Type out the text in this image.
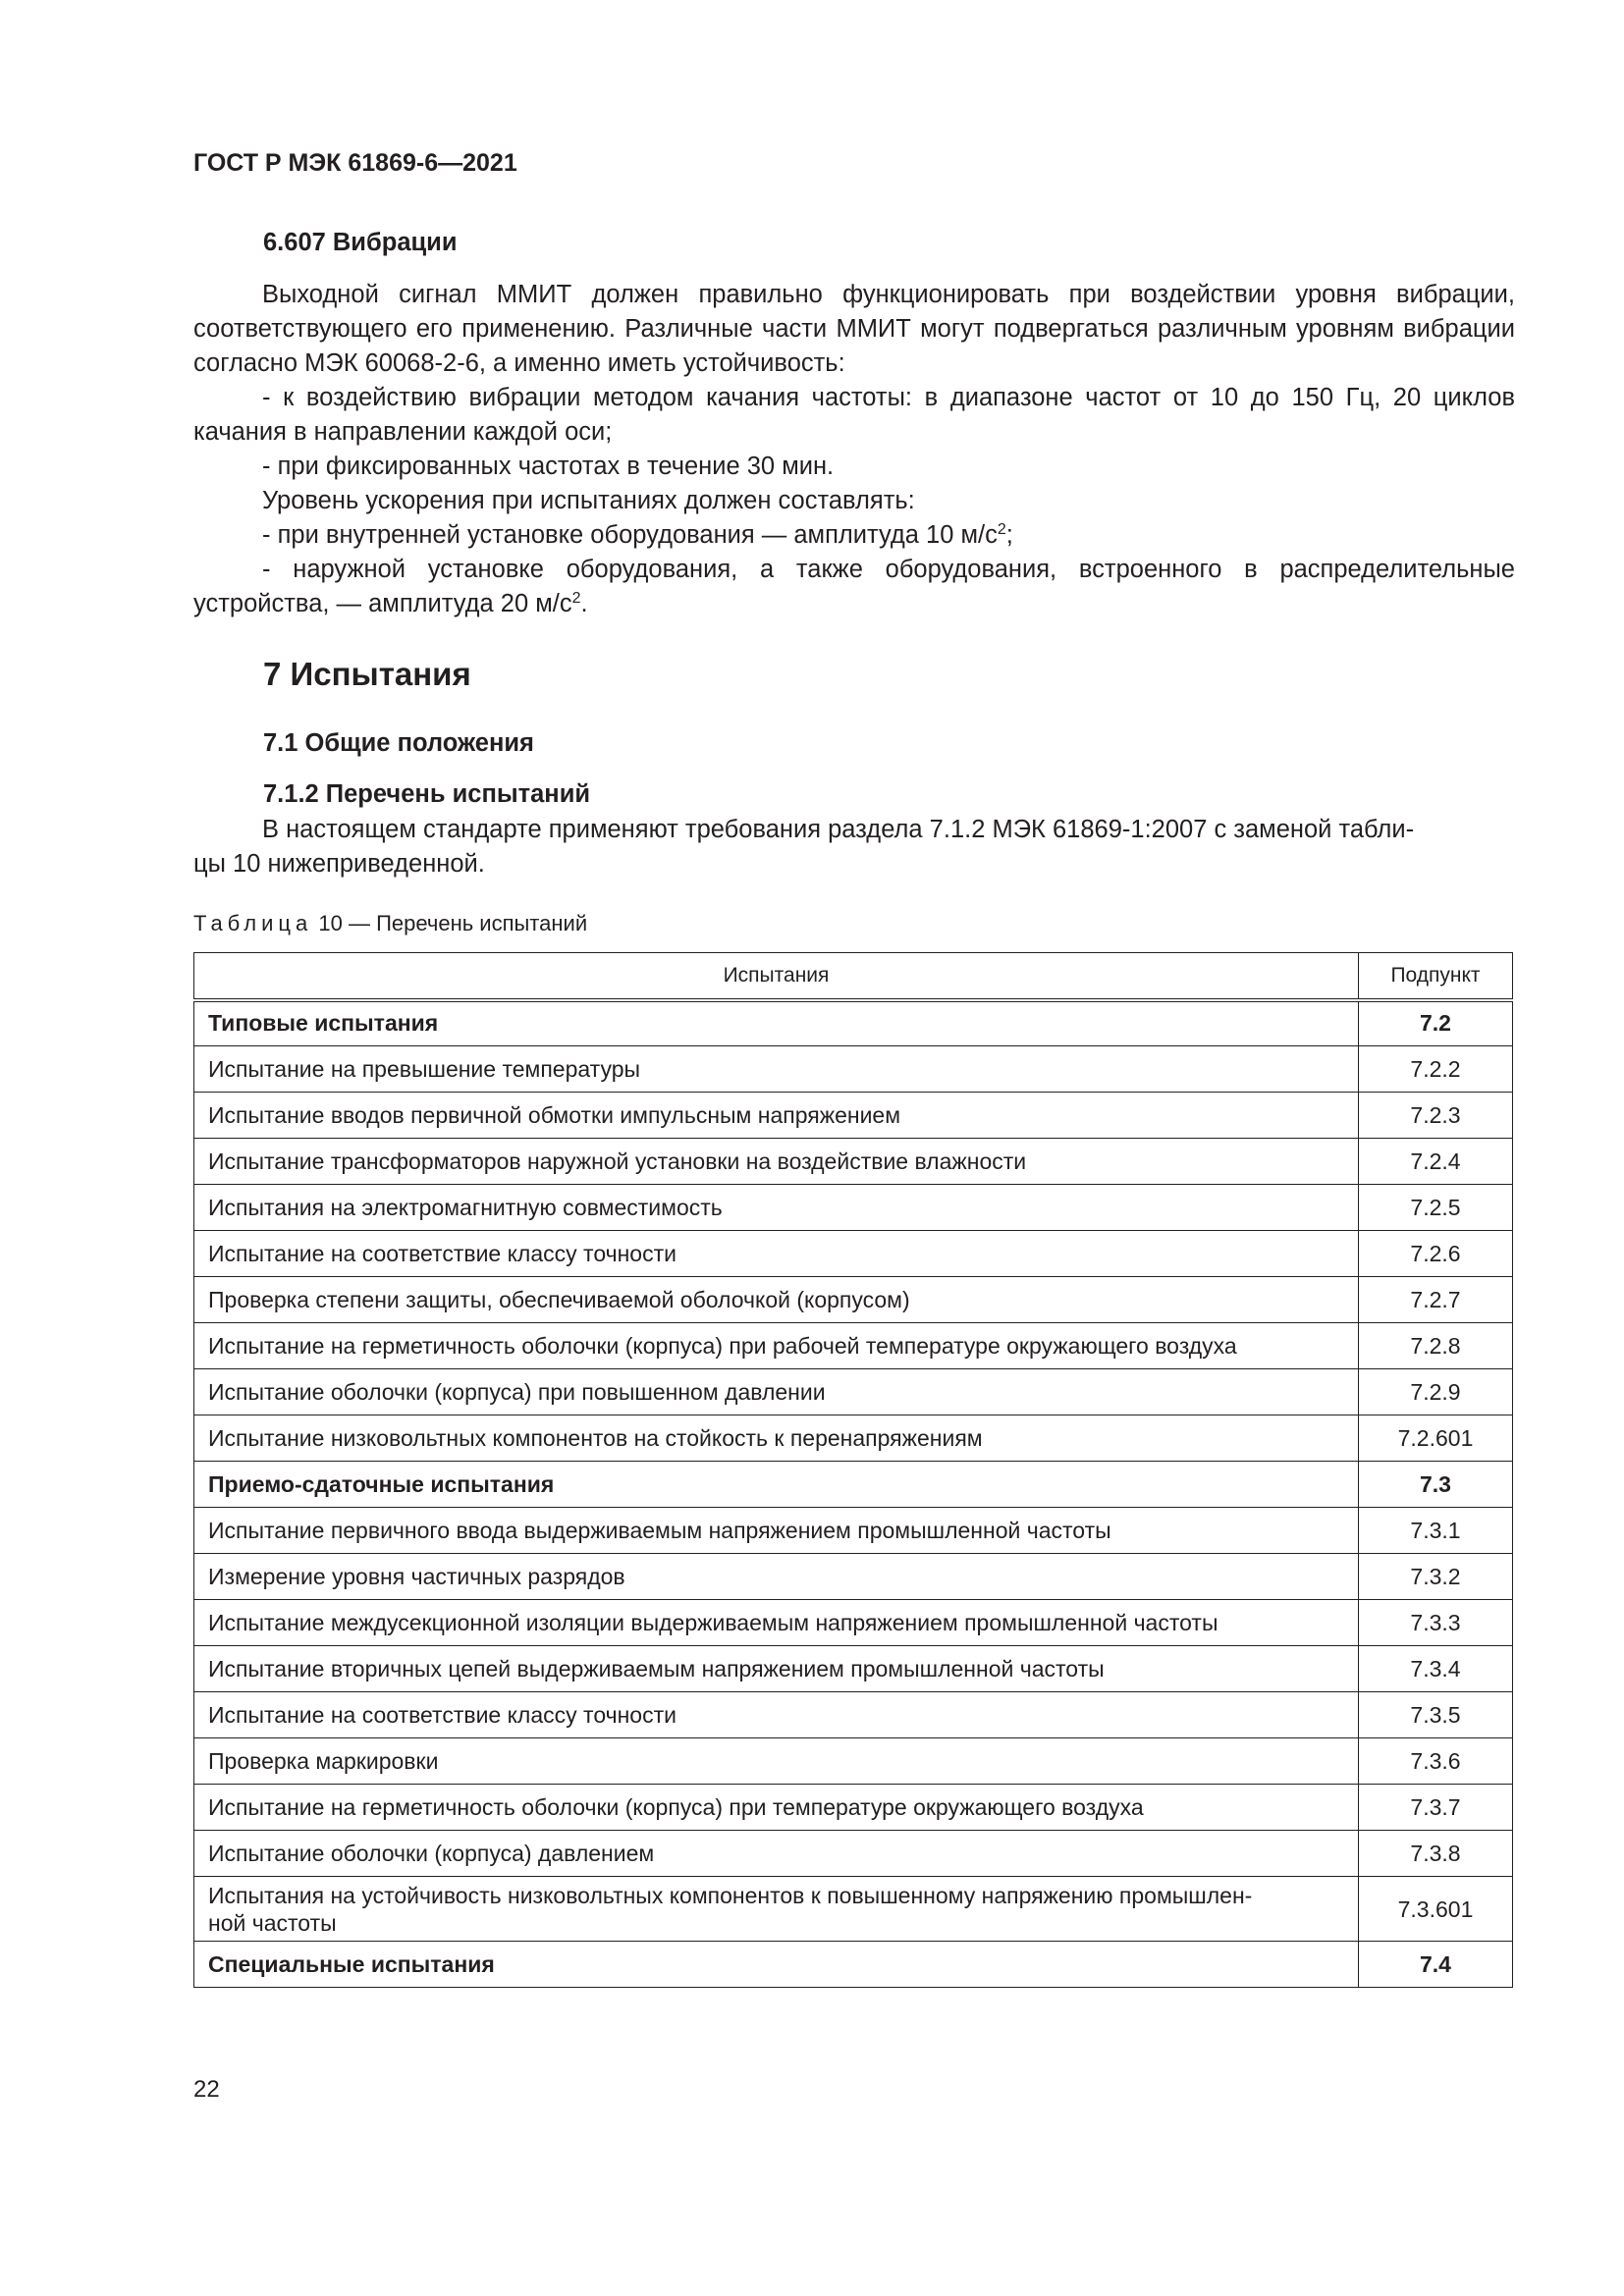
ГОСТ Р МЭК 61869-6—2021
6.607 Вибрации

Выходной сигнал ММИТ должен правильно функционировать при воздействии уровня вибрации, соответствующего его применению. Различные части ММИТ могут подвергаться различным уровням вибрации согласно МЭК 60068-2-6, а именно иметь устойчивость:

- к воздействию вибрации методом качания частоты: в диапазоне частот от 10 до 150 Гц, 20 циклов качания в направлении каждой оси;

- при фиксированных частотах в течение 30 мин.

Уровень ускорения при испытаниях должен составлять:

- при внутренней установке оборудования — амплитуда 10 $м/с^2$;

- наружной установке оборудования, а также оборудования, встроенного в распределительные устройства, — амплитуда 20 $м/с^2$.

7 Испытания
7.1 Общие положения
7.1.2 Перечень испытаний

В настоящем стандарте применяют требования раздела 7.1.2 МЭК 61869-1:2007 с заменой табли-

цы 10 нижеприведенной.

Таблица 10 — Перечень испытаний
Испытания	Подпункт
Типовые испытания	7.2
Испытание на превышение температуры	7.2.2
Испытание вводов первичной обмотки импульсным напряжением	7.2.3
Испытание трансформаторов наружной установки на воздействие влажности	7.2.4
Испытания на электромагнитную совместимость	7.2.5
Испытание на соответствие классу точности	7.2.6
Проверка степени защиты, обеспечиваемой оболочкой (корпусом)	7.2.7
Испытание на герметичность оболочки (корпуса) при рабочей температуре окружающего воздуха	7.2.8
Испытание оболочки (корпуса) при повышенном давлении	7.2.9
Испытание низковольтных компонентов на стойкость к перенапряжениям	7.2.601
Приемо-сдаточные испытания	7.3
Испытание первичного ввода выдерживаемым напряжением промышленной частоты	7.3.1
Измерение уровня частичных разрядов	7.3.2
Испытание междусекционной изоляции выдерживаемым напряжением промышленной частоты	7.3.3
Испытание вторичных цепей выдерживаемым напряжением промышленной частоты	7.3.4
Испытание на соответствие классу точности	7.3.5
Проверка маркировки	7.3.6
Испытание на герметичность оболочки (корпуса) при температуре окружающего воздуха	7.3.7
Испытание оболочки (корпуса) давлением	7.3.8
Испытания на устойчивость низковольтных компонентов к повышенному напряжению промышлен-
ной частоты	7.3.601
Специальные испытания	7.4
22
